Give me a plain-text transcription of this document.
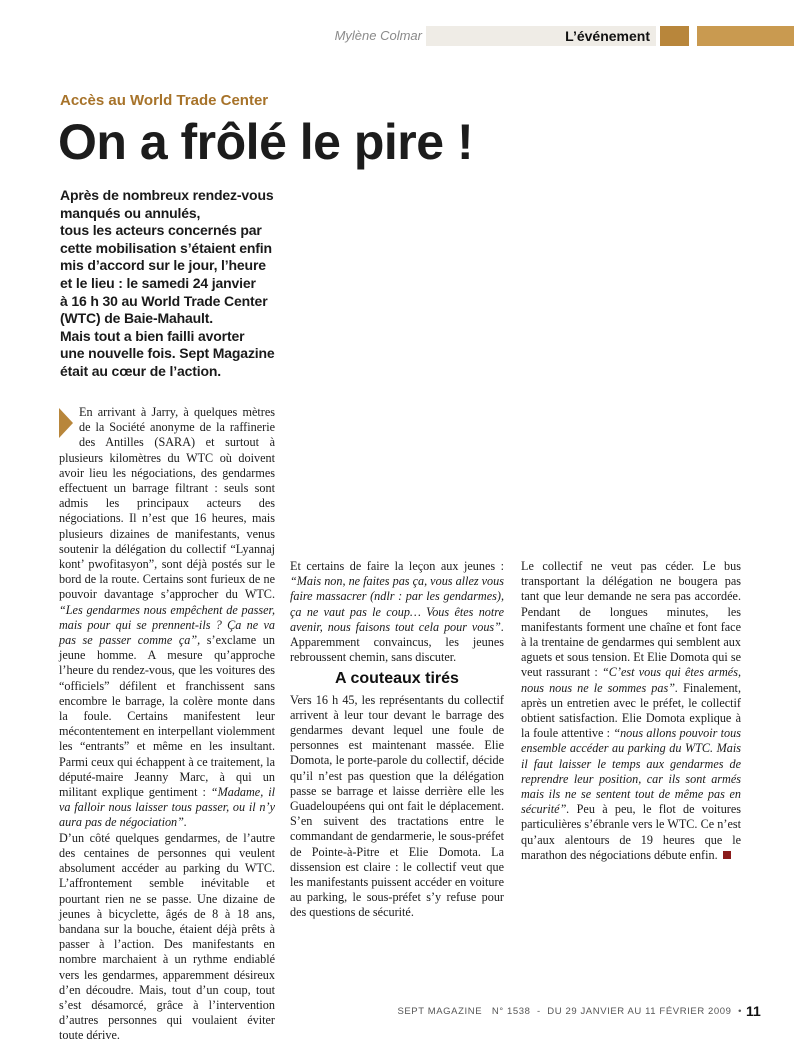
Mylène Colmar	L’événement
Accès au World Trade Center
On a frôlé le pire !
Après de nombreux rendez-vous
manqués ou annulés,
tous les acteurs concernés par
cette mobilisation s’étaient enfin
mis d’accord sur le jour, l’heure
et le lieu : le samedi 24 janvier
à 16 h 30 au World Trade Center
(WTC) de Baie-Mahault.
Mais tout a bien failli avorter
une nouvelle fois. Sept Magazine
était au cœur de l’action.

En arrivant à Jarry, à quelques mètres de la Société anonyme de la raffinerie des Antilles (SARA) et surtout à plusieurs kilomètres du WTC où doivent avoir lieu les négociations, des gendarmes effectuent un barrage filtrant : seuls sont admis les principaux acteurs des négociations. Il n’est que 16 heures, mais plusieurs dizaines de manifestants, venus soutenir la délégation du collectif “Lyannaj kont’ pwofitasyon”, sont déjà postés sur le bord de la route. Certains sont furieux de ne pouvoir davantage s’approcher du WTC. “Les gendarmes nous empêchent de passer, mais pour qui se prennent-ils ? Ça ne va pas se passer comme ça”, s’exclame un jeune homme. A mesure qu’approche l’heure du rendez-vous, que les voitures des “officiels” défilent et franchissent sans encombre le barrage, la colère monte dans la foule. Certains manifestent leur mécontentement en interpellant violemment les “entrants” et même en les insultant. Parmi ceux qui échappent à ce traitement, la député-maire Jeanny Marc, à qui un militant explique gentiment : “Madame, il va falloir nous laisser tous passer, ou il n’y aura pas de négociation”.

D’un côté quelques gendarmes, de l’autre des centaines de personnes qui veulent absolument accéder au parking du WTC. L’affrontement semble inévitable et pourtant rien ne se passe. Une dizaine de jeunes à bicyclette, âgés de 8 à 18 ans, bandana sur la bouche, étaient déjà prêts à passer à l’action. Des manifestants en nombre marchaient à un rythme endiablé vers les gendarmes, apparemment désireux d’en découdre. Mais, tout d’un coup, tout s’est désamorcé, grâce à l’intervention d’autres personnes qui voulaient éviter toute dérive.

Et certains de faire la leçon aux jeunes : “Mais non, ne faites pas ça, vous allez vous faire massacrer (ndlr : par les gendarmes), ça ne vaut pas le coup… Vous êtes notre avenir, nous faisons tout cela pour vous”. Apparemment convaincus, les jeunes rebroussent chemin, sans discuter.

A couteaux tirés

Vers 16 h 45, les représentants du collectif arrivent à leur tour devant le barrage des gendarmes devant lequel une foule de personnes est maintenant massée. Elie Domota, le porte-parole du collectif, décide qu’il n’est pas question que la délégation passe se barrage et laisse derrière elle les Guadeloupéens qui ont fait le déplacement. S’en suivent des tractations entre le commandant de gendarmerie, le sous-préfet de Pointe-à-Pitre et Elie Domota. La dissension est claire : le collectif veut que les manifestants puissent accéder en voiture au parking, le sous-préfet s’y refuse pour des questions de sécurité.

Le collectif ne veut pas céder. Le bus transportant la délégation ne bougera pas tant que leur demande ne sera pas accordée. Pendant de longues minutes, les manifestants forment une chaîne et font face à la trentaine de gendarmes qui semblent aux aguets et sous tension. Et Elie Domota qui se veut rassurant : “C’est vous qui êtes armés, nous nous ne le sommes pas”. Finalement, après un entretien avec le préfet, le collectif obtient satisfaction. Elie Domota explique à la foule attentive : “nous allons pouvoir tous ensemble accéder au parking du WTC. Mais il faut laisser le temps aux gendarmes de reprendre leur position, car ils sont armés mais ils ne se sentent tout de même pas en sécurité”. Peu à peu, le flot de voitures particulières s’ébranle vers le WTC. Ce n’est qu’aux alentours de 19 heures que le marathon des négociations débute enfin.

SEPT MAGAZINE N° 1538  -  DU 29 JANVIER AU 11 FÉVRIER 2009  • 11
